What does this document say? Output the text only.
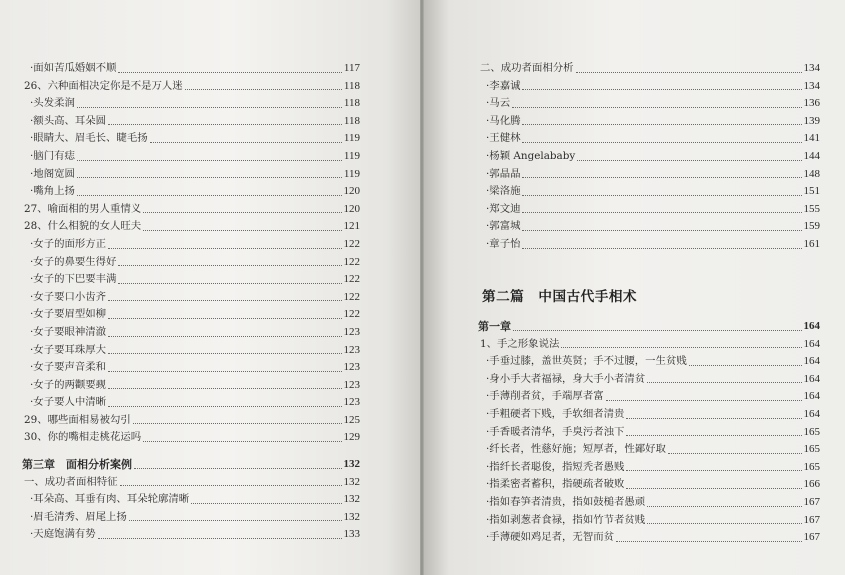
·面如苦瓜婚姻不顺	117
26、六种面相决定你是不是万人迷	118
·头发柔润	118
·额头高、耳朵圆	118
·眼睛大、眉毛长、睫毛扬	119
·脑门有痣	119
·地阁宽圆	119
·嘴角上扬	120
27、喻面相的男人重情义	120
28、什么相貌的女人旺夫	121
·女子的面形方正	122
·女子的鼻要生得好	122
·女子的下巴要丰满	122
·女子要口小齿齐	122
·女子要眉型如柳	122
·女子要眼神清澈	123
·女子要耳珠厚大	123
·女子要声音柔和	123
·女子的两颧要觋	123
·女子要人中清晰	123
29、哪些面相易被勾引	125
30、你的嘴相走桃花运吗	129
第三章　面相分析案例	132
一、成功者面相特征	132
·耳朵高、耳垂有肉、耳朵轮廓清晰	132
·眉毛清秀、眉尾上扬	132
·天庭饱满有势	133
二、成功者面相分析	134
·李嘉诚	134
·马云	136
·马化腾	139
·王健林	141
·杨颖 Angelababy	144
·郭晶晶	148
·梁洛施	151
·郑文迪	155
·郭富城	159
·章子怡	161
第二篇　中国古代手相术
第一章	164
1、手之形象说法	164
·手垂过膝，盖世英贤；手不过腰，一生贫贱	164
·身小手大者福禄，身大手小者清贫	164
·手薄削者贫，手端厚者富	164
·手粗硬者下贱，手软细者清贵	164
·手香暖者清华，手臭污者浊下	165
·纤长者，性慈好施；短厚者，性鄙好取	165
·指纤长者聪俊，指短秃者愚贱	165
·指柔密者蓄积，指硬疏者破败	166
·指如春笋者清贵，指如鼓槌者愚顽	167
·指如剥葱者食禄，指如竹节者贫贱	167
·手薄硬如鸡足者，无智而贫	167
